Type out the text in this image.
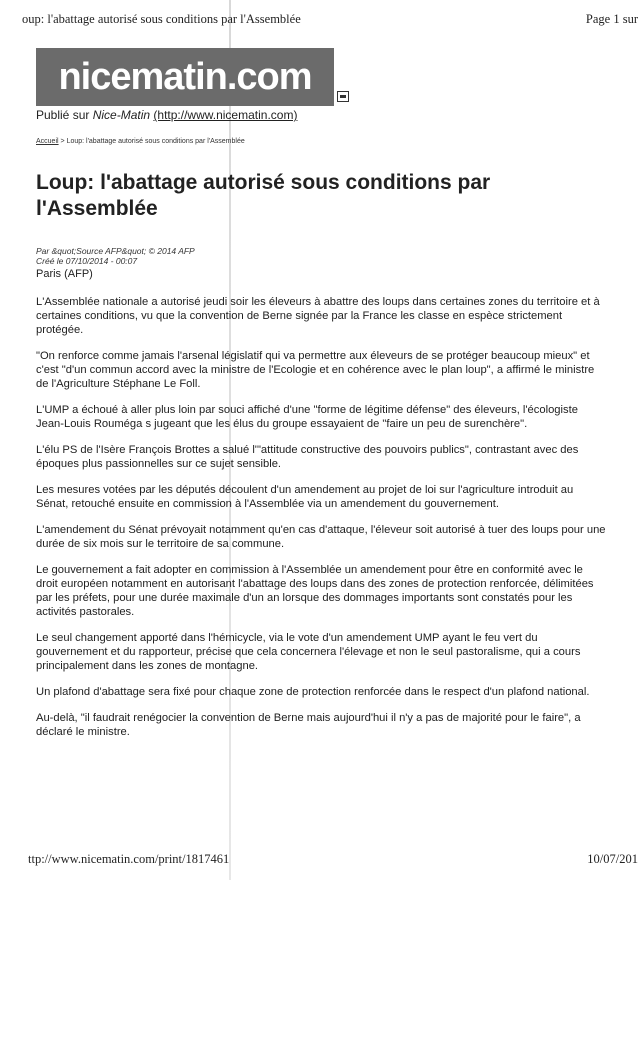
oup: l'abattage autorisé sous conditions par l'Assemblée	Page 1 sur
nicematin.com
Publié sur Nice-Matin (http://www.nicematin.com)
Accueil > Loup: l'abattage autorisé sous conditions par l'Assemblée
Loup: l'abattage autorisé sous conditions par l'Assemblée
Par &quot;Source AFP&quot; © 2014 AFP
Créé le 07/10/2014 - 00:07
Paris (AFP)

L'Assemblée nationale a autorisé jeudi soir les éleveurs à abattre des loups dans certaines zones du territoire et à certaines conditions, vu que la convention de Berne signée par la France les classe en espèce strictement protégée.

"On renforce comme jamais l'arsenal législatif qui va permettre aux éleveurs de se protéger beaucoup mieux" et c'est "d'un commun accord avec la ministre de l'Ecologie et en cohérence avec le plan loup", a affirmé le ministre de l'Agriculture Stéphane Le Foll.

L'UMP a échoué à aller plus loin par souci affiché d'une "forme de légitime défense" des éleveurs, l'écologiste Jean-Louis Rouméga s jugeant que les élus du groupe essayaient de "faire un peu de surenchère".

L'élu PS de l'Isère François Brottes a salué l'"attitude constructive des pouvoirs publics", contrastant avec des époques plus passionnelles sur ce sujet sensible.

Les mesures votées par les députés découlent d'un amendement au projet de loi sur l'agriculture introduit au Sénat, retouché ensuite en commission à l'Assemblée via un amendement du gouvernement.

L'amendement du Sénat prévoyait notamment qu'en cas d'attaque, l'éleveur soit autorisé à tuer des loups pour une durée de six mois sur le territoire de sa commune.

Le gouvernement a fait adopter en commission à l'Assemblée un amendement pour être en conformité avec le droit européen notamment en autorisant l'abattage des loups dans des zones de protection renforcée, délimitées par les préfets, pour une durée maximale d'un an lorsque des dommages importants sont constatés pour les activités pastorales.

Le seul changement apporté dans l'hémicycle, via le vote d'un amendement UMP ayant le feu vert du gouvernement et du rapporteur, précise que cela concernera l'élevage et non le seul pastoralisme, qui a cours principalement dans les zones de montagne.

Un plafond d'abattage sera fixé pour chaque zone de protection renforcée dans le respect d'un plafond national.

Au-delà, "il faudrait renégocier la convention de Berne mais aujourd'hui il n'y a pas de majorité pour le faire", a déclaré le ministre.

ttp://www.nicematin.com/print/1817461	10/07/201
